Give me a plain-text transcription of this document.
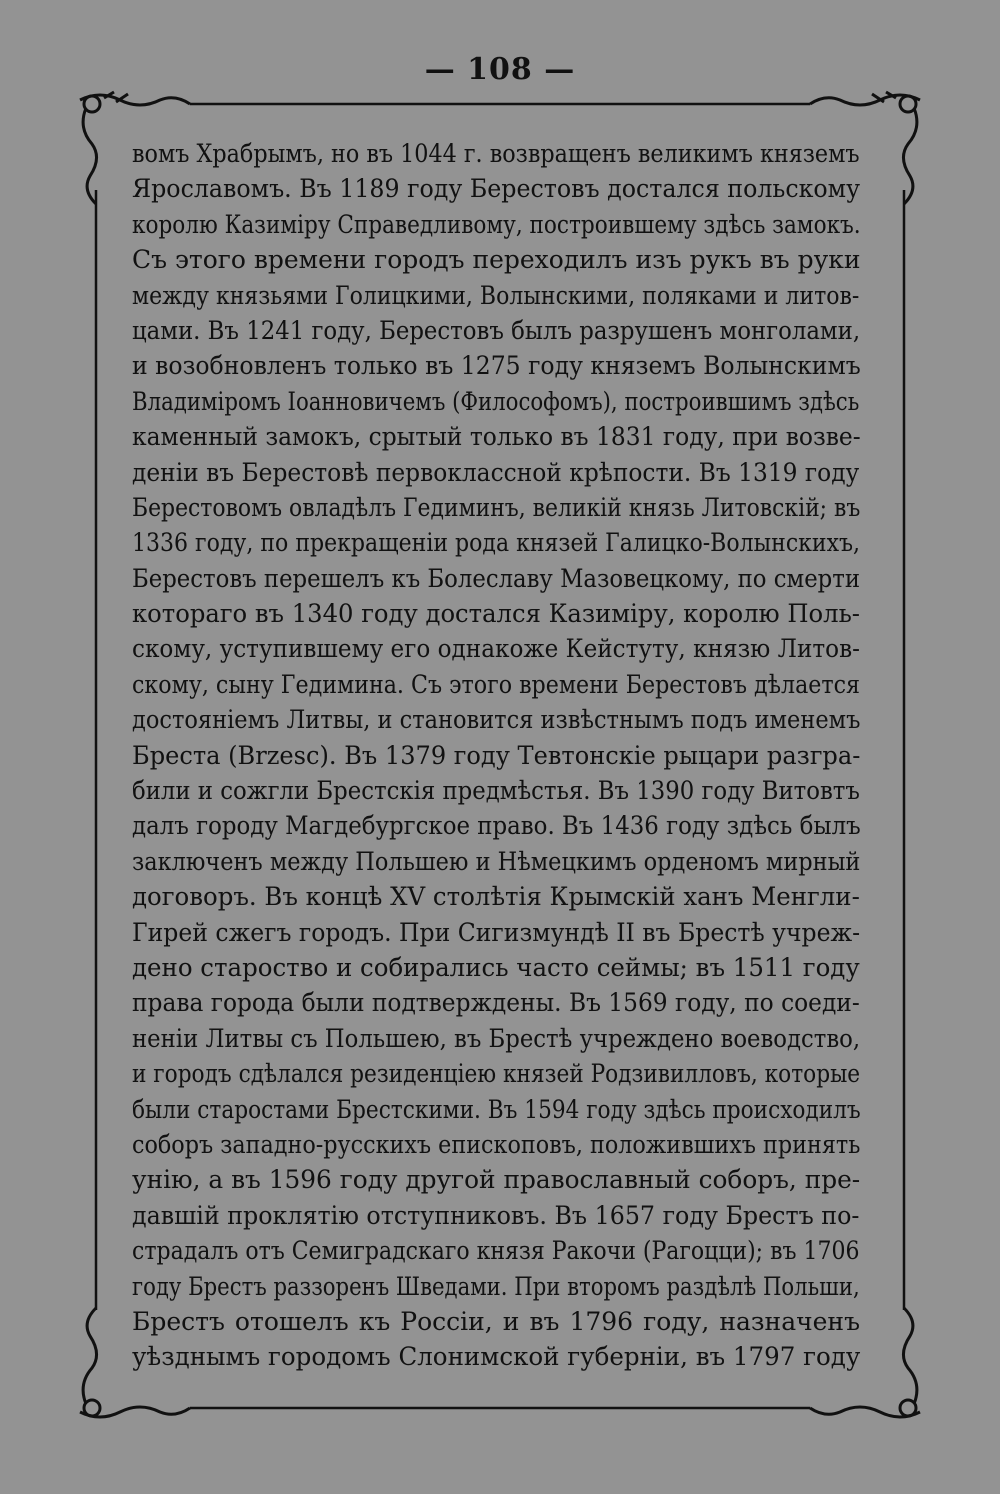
— 108 —
вомъ Храбрымъ, но въ 1044 г. возвращенъ великимъ княземъ
Ярославомъ. Въ 1189 году Берестовъ достался польскому
королю Казиміру Справедливому, построившему здѣсь замокъ.
Съ этого времени городъ переходилъ изъ рукъ въ руки
между князьями Голицкими, Волынскими, поляками и литов-
цами. Въ 1241 году, Берестовъ былъ разрушенъ монголами,
и возобновленъ только въ 1275 году княземъ Волынскимъ
Владиміромъ Іоанновичемъ (Философомъ), построившимъ здѣсь
каменный замокъ, срытый только въ 1831 году, при возве-
деніи въ Берестовѣ первоклассной крѣпости. Въ 1319 году
Берестовомъ овладѣлъ Гедиминъ, великій князь Литовскій; въ
1336 году, по прекращеніи рода князей Галицко-Волынскихъ,
Берестовъ перешелъ къ Болеславу Мазовецкому, по смерти
котораго въ 1340 году достался Казиміру, королю Поль-
скому, уступившему его однакоже Кейстуту, князю Литов-
скому, сыну Гедимина. Съ этого времени Берестовъ дѣлается
достояніемъ Литвы, и становится извѣстнымъ подъ именемъ
Бреста (Brzesc). Въ 1379 году Тевтонскіе рыцари разгра-
били и сожгли Брестскія предмѣстья. Въ 1390 году Витовтъ
далъ городу Магдебургское право. Въ 1436 году здѣсь былъ
заключенъ между Польшею и Нѣмецкимъ орденомъ мирный
договоръ. Въ концѣ XV столѣтія Крымскій ханъ Менгли-
Гирей сжегъ городъ. При Сигизмундѣ II въ Брестѣ учреж-
дено староство и собирались часто сеймы; въ 1511 году
права города были подтверждены. Въ 1569 году, по соеди-
неніи Литвы съ Польшею, въ Брестѣ учреждено воеводство,
и городъ сдѣлался резиденціею князей Родзивилловъ, которые
были старостами Брестскими. Въ 1594 году здѣсь происходилъ
соборъ западно-русскихъ епископовъ, положившихъ принять
унію, а въ 1596 году другой православный соборъ, пре-
давшій проклятію отступниковъ. Въ 1657 году Брестъ по-
страдалъ отъ Семиградскаго князя Ракочи (Рагоцци); въ 1706
году Брестъ раззоренъ Шведами. При второмъ раздѣлѣ Польши,
Брестъ отошелъ къ Россіи, и въ 1796 году, назначенъ
уѣзднымъ городомъ Слонимской губерніи, въ 1797 году
